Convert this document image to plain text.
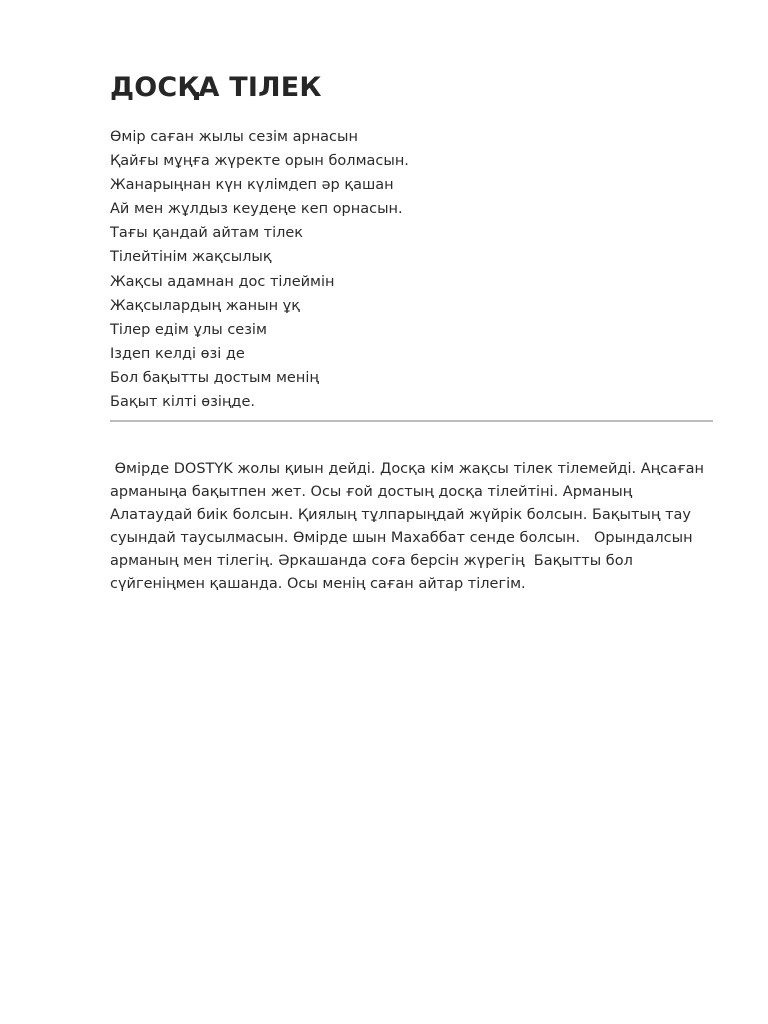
ДОСҚА ТІЛЕК
Өмір саған жылы сезім арнасын
Қайғы мұңға жүректе орын болмасын.
Жанарыңнан күн күлімдеп әр қашан
Ай мен жұлдыз кеудеңе кеп орнасын.
Тағы қандай айтам тілек
Тілейтінім жақсылық
Жақсы адамнан дос тілеймін
Жақсылардың жанын ұқ
Тілер едім ұлы сезім
Іздеп келді өзі де
Бол бақытты достым менің
Бақыт кілті өзіңде.

Өмірде DOSTYK жолы қиын дейді. Досқа кім жақсы тілек тілемейді. Аңсаған арманыңа бақытпен жет. Осы ғой достың досқа тілейтіні. Арманың Алатаудай биік болсын. Қиялың тұлпарыңдай жүйрік болсын. Бақытың тау суындай таусылмасын. Өмірде шын Махаббат сенде болсын.   Орындалсын арманың мен тілегің. Әркашанда соға берсін жүрегің  Бақытты бол сүйгеніңмен қашанда. Осы менің саған айтар тілегім.
